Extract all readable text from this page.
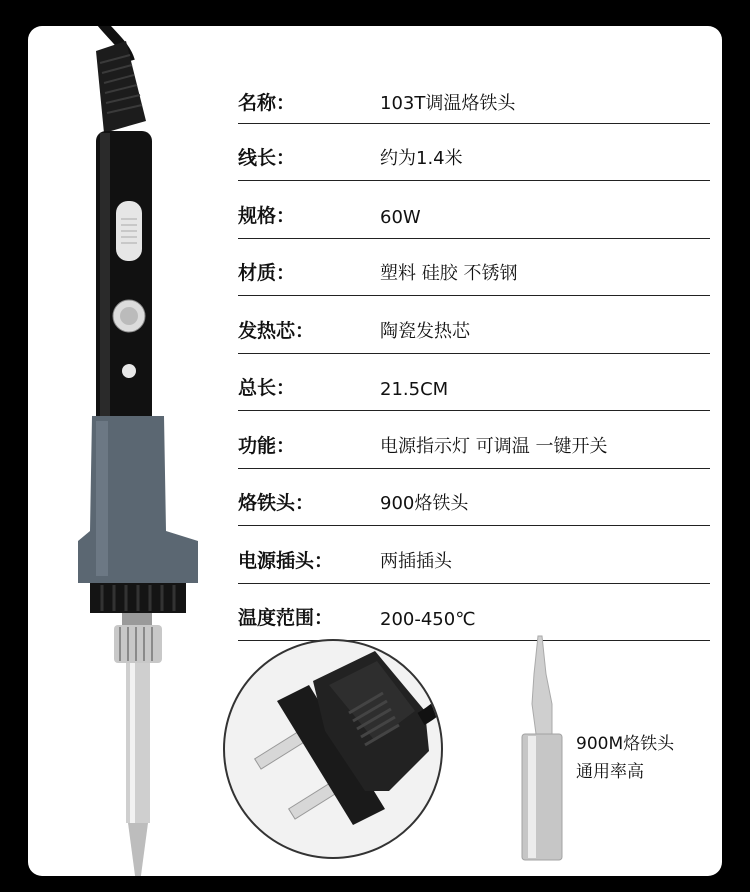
名称：	103T调温烙铁头
线长：	约为1.4米
规格：	60W
材质：	塑料 硅胶 不锈钢
发热芯：	陶瓷发热芯
总长：	21.5CM
功能：	电源指示灯 可调温 一键开关
烙铁头：	900烙铁头
电源插头：	两插插头
温度范围：	200-450℃
900M烙铁头
通用率高
